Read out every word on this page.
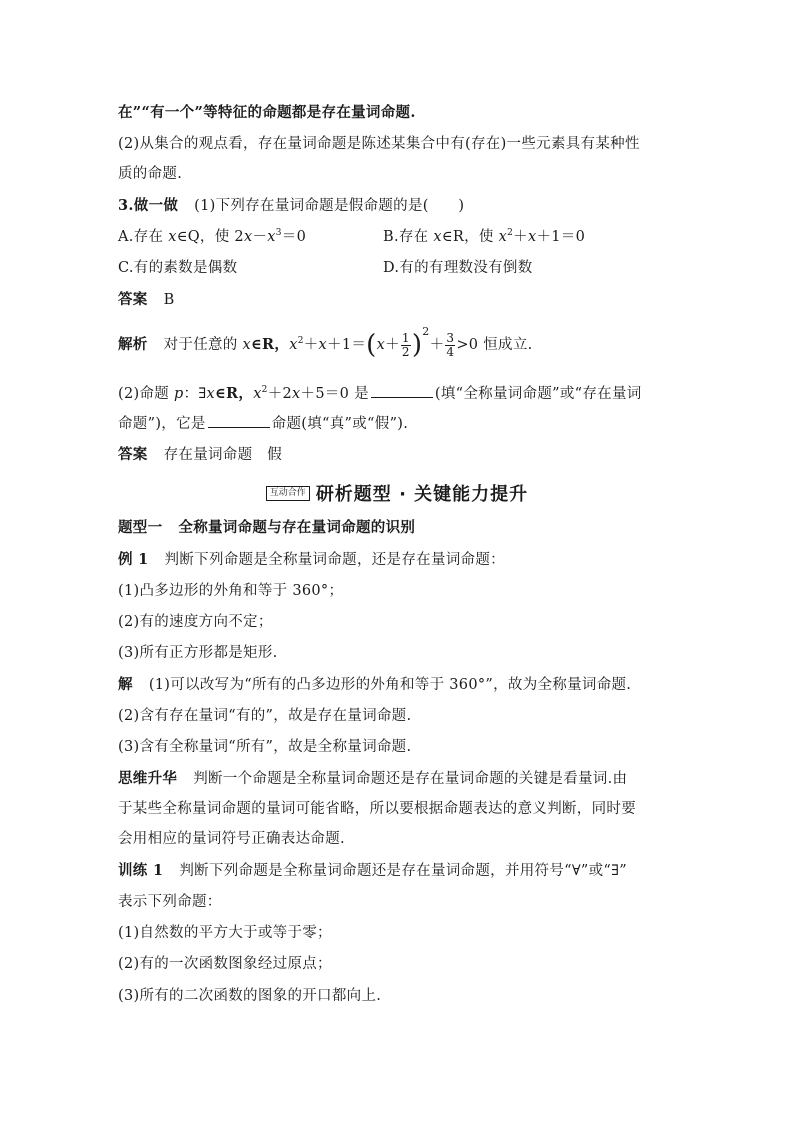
在”“有一个”等特征的命题都是存在量词命题.
(2)从集合的观点看，存在量词命题是陈述某集合中有(存在)一些元素具有某种性
质的命题.
3.做一做 (1)下列存在量词命题是假命题的是(　　)
A.存在 x∈Q，使 $2x-x^3=0$	B.存在 x∈R，使 $x^2+x+1=0$
C.有的素数是偶数	D.有的有理数没有倒数
答案 B
解析 对于任意的 x∈R，$x^2+x+1=(x+ \frac{1}{2} )^2+ \frac{3}{4} >0$ 恒成立.
(2)命题 p：∃x∈R，$x^2+2x+5=0$ 是	(填“全称量词命题”或“存在量词
命题”)，它是	命题(填“真”或“假”).
答案 存在量词命题　假
互动合作 研析题型 · 关键能力提升
题型一 全称量词命题与存在量词命题的识别
例 1 判断下列命题是全称量词命题，还是存在量词命题：
(1)凸多边形的外角和等于 360°；
(2)有的速度方向不定；
(3)所有正方形都是矩形.
解 (1)可以改写为“所有的凸多边形的外角和等于 360°”，故为全称量词命题.
(2)含有存在量词“有的”，故是存在量词命题.
(3)含有全称量词“所有”，故是全称量词命题.
思维升华 判断一个命题是全称量词命题还是存在量词命题的关键是看量词.由
于某些全称量词命题的量词可能省略，所以要根据命题表达的意义判断，同时要
会用相应的量词符号正确表达命题.
训练 1 判断下列命题是全称量词命题还是存在量词命题，并用符号“∀”或“∃”
表示下列命题：
(1)自然数的平方大于或等于零；
(2)有的一次函数图象经过原点；
(3)所有的二次函数的图象的开口都向上.
